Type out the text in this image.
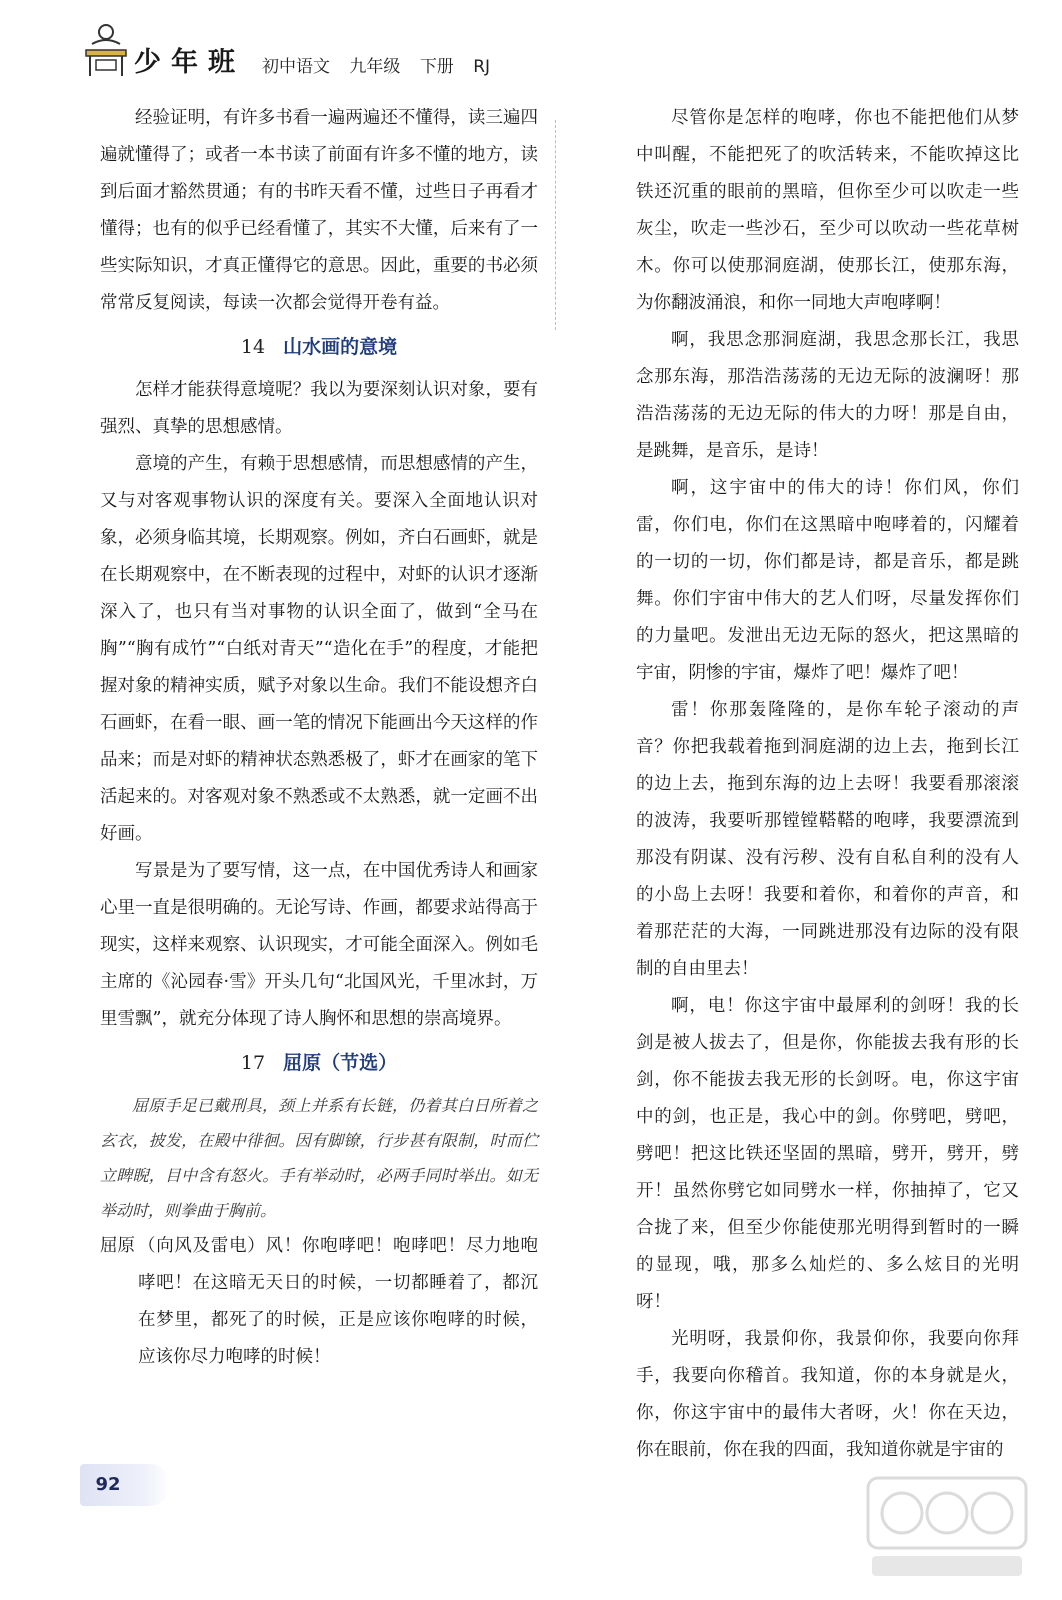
少年班 初中语文 九年级 下册 RJ

经验证明，有许多书看一遍两遍还不懂得，读三遍四遍就懂得了；或者一本书读了前面有许多不懂的地方，读到后面才豁然贯通；有的书昨天看不懂，过些日子再看才懂得；也有的似乎已经看懂了，其实不大懂，后来有了一些实际知识，才真正懂得它的意思。因此，重要的书必须常常反复阅读，每读一次都会觉得开卷有益。

14 山水画的意境

怎样才能获得意境呢？我以为要深刻认识对象，要有强烈、真挚的思想感情。

意境的产生，有赖于思想感情，而思想感情的产生，又与对客观事物认识的深度有关。要深入全面地认识对象，必须身临其境，长期观察。例如，齐白石画虾，就是在长期观察中，在不断表现的过程中，对虾的认识才逐渐深入了，也只有当对事物的认识全面了，做到“全马在胸”“胸有成竹”“白纸对青天”“造化在手”的程度，才能把握对象的精神实质，赋予对象以生命。我们不能设想齐白石画虾，在看一眼、画一笔的情况下能画出今天这样的作品来；而是对虾的精神状态熟悉极了，虾才在画家的笔下活起来的。对客观对象不熟悉或不太熟悉，就一定画不出好画。

写景是为了要写情，这一点，在中国优秀诗人和画家心里一直是很明确的。无论写诗、作画，都要求站得高于现实，这样来观察、认识现实，才可能全面深入。例如毛主席的《沁园春·雪》开头几句“北国风光，千里冰封，万里雪飘”，就充分体现了诗人胸怀和思想的崇高境界。

17 屈原（节选）

屈原手足已戴刑具，颈上并系有长链，仍着其白日所着之玄衣，披发，在殿中徘徊。因有脚镣，行步甚有限制，时而伫立睥睨，目中含有怒火。手有举动时，必两手同时举出。如无举动时，则拳曲于胸前。

屈原 （向风及雷电）风！你咆哮吧！咆哮吧！尽力地咆哮吧！在这暗无天日的时候，一切都睡着了，都沉在梦里，都死了的时候，正是应该你咆哮的时候，应该你尽力咆哮的时候！

尽管你是怎样的咆哮，你也不能把他们从梦中叫醒，不能把死了的吹活转来，不能吹掉这比铁还沉重的眼前的黑暗，但你至少可以吹走一些灰尘，吹走一些沙石，至少可以吹动一些花草树木。你可以使那洞庭湖，使那长江，使那东海，为你翻波涌浪，和你一同地大声咆哮啊！

啊，我思念那洞庭湖，我思念那长江，我思念那东海，那浩浩荡荡的无边无际的波澜呀！那浩浩荡荡的无边无际的伟大的力呀！那是自由，是跳舞，是音乐，是诗！

啊，这宇宙中的伟大的诗！你们风，你们雷，你们电，你们在这黑暗中咆哮着的，闪耀着的一切的一切，你们都是诗，都是音乐，都是跳舞。你们宇宙中伟大的艺人们呀，尽量发挥你们的力量吧。发泄出无边无际的怒火，把这黑暗的宇宙，阴惨的宇宙，爆炸了吧！爆炸了吧！

雷！你那轰隆隆的，是你车轮子滚动的声音？你把我载着拖到洞庭湖的边上去，拖到长江的边上去，拖到东海的边上去呀！我要看那滚滚的波涛，我要听那镗镗鞳鞳的咆哮，我要漂流到那没有阴谋、没有污秽、没有自私自利的没有人的小岛上去呀！我要和着你，和着你的声音，和着那茫茫的大海，一同跳进那没有边际的没有限制的自由里去！

啊，电！你这宇宙中最犀利的剑呀！我的长剑是被人拔去了，但是你，你能拔去我有形的长剑，你不能拔去我无形的长剑呀。电，你这宇宙中的剑，也正是，我心中的剑。你劈吧，劈吧，劈吧！把这比铁还坚固的黑暗，劈开，劈开，劈开！虽然你劈它如同劈水一样，你抽掉了，它又合拢了来，但至少你能使那光明得到暂时的一瞬的显现，哦，那多么灿烂的、多么炫目的光明呀！

光明呀，我景仰你，我景仰你，我要向你拜手，我要向你稽首。我知道，你的本身就是火，你，你这宇宙中的最伟大者呀，火！你在天边，你在眼前，你在我的四面，我知道你就是宇宙的

92
